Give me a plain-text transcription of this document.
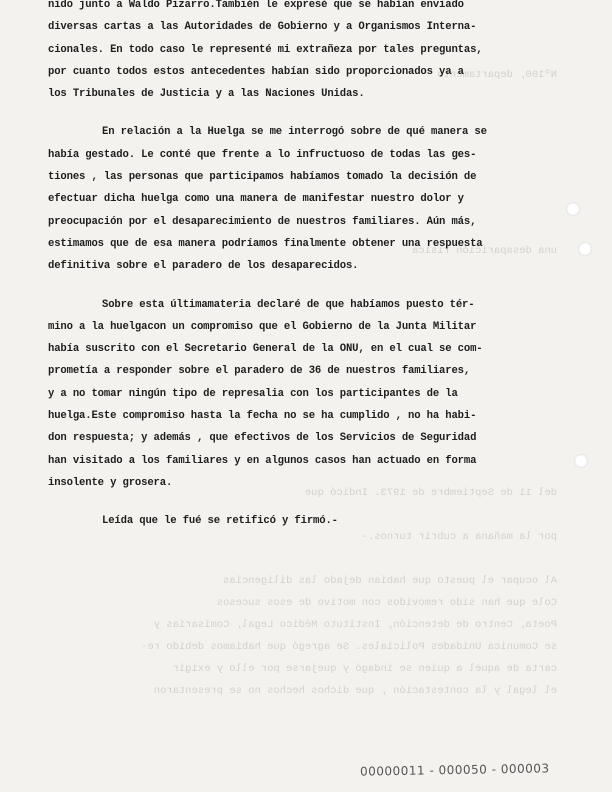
Nº100, departamento
una desaparición fisica
del 11 de Septiembre de 1973. Indicó que
por la mañana a cubrir turnos.-
Al ocupar el puesto que habían dejado las diligencias
Cole que han sido removidos con motivo de esos sucesos
Poeta, Centro de detención, Instituto Médico Legal, Comisarías y
se Comunica Unidades Policiales. Se agregó que habíamos debido re-
carta de aquel a quien se indagó y quejarse por ello y exigir
el legal y la contestación , que dichos hechos no se presentaron
nido junto a Waldo Pizarro.También le expresé que se habían enviado
diversas cartas a las Autoridades de Gobierno y a Organismos Interna-
cionales. En todo caso le representé mi extrañeza por tales preguntas,
por cuanto todos estos antecedentes habían sido proporcionados ya a
los Tribunales de Justicia y a las Naciones Unidas.
En relación a la Huelga se me interrogó sobre de qué manera se
había gestado. Le conté que frente a lo infructuoso de todas las ges-
tiones , las personas que participamos habíamos tomado la decisión de
efectuar dicha huelga como una manera de manifestar nuestro dolor y
preocupación por el desaparecimiento de nuestros familiares. Aún más,
estimamos que de esa manera podríamos finalmente obtener una respuesta
definitiva sobre el paradero de los desaparecidos.
Sobre esta últimamateria declaré de que habíamos puesto tér-
mino a la huelgacon un compromiso que el Gobierno de la Junta Militar
había suscrito con el Secretario General de la ONU, en el cual se com-
prometía a responder sobre el paradero de 36 de nuestros familiares,
y a no tomar ningún tipo de represalia con los participantes de la
huelga.Este compromiso hasta la fecha no se ha cumplido , no ha habi-
don respuesta; y además , que efectivos de los Servicios de Seguridad
han visitado a los familiares y en algunos casos han actuado en forma
insolente y grosera.
Leída que le fué se retificó y firmó.-
00000011 - 000050 - 000003
